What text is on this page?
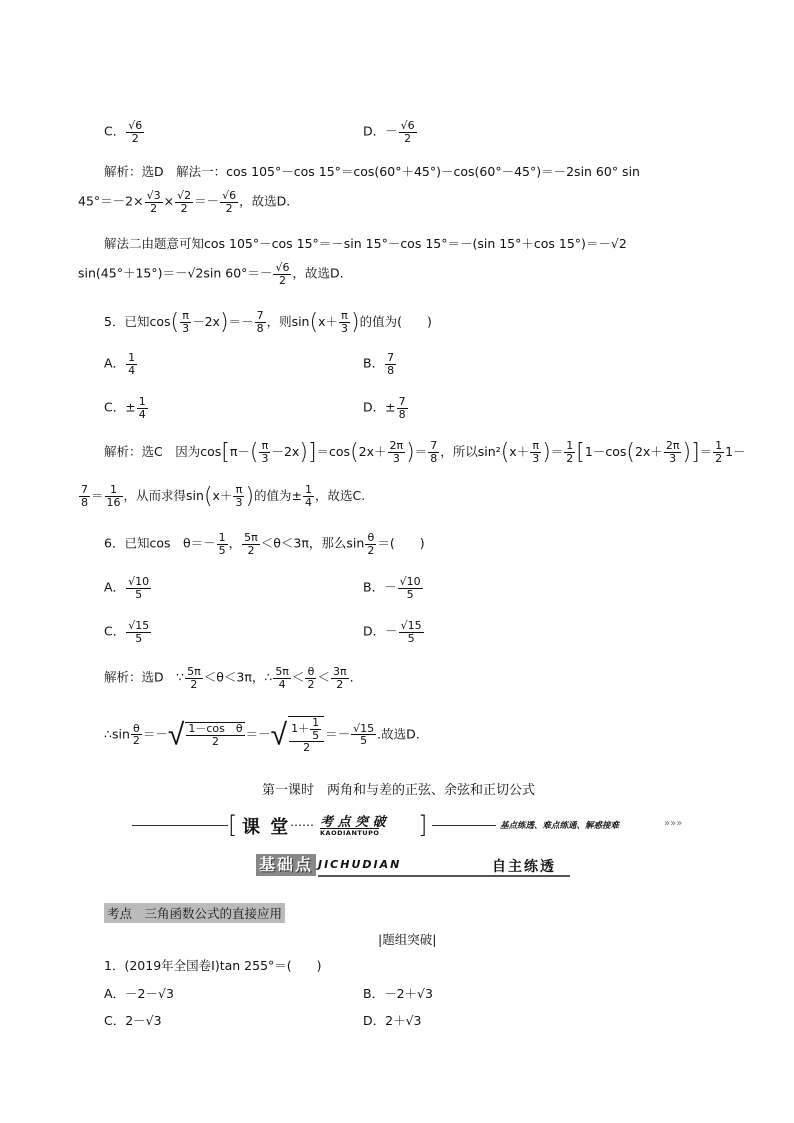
C． $\frac{√6}{2}$	D．－ $\frac{√6}{2}$
解析：选D　解法一：cos 105°－cos 15°＝cos(60°＋45°)－cos(60°－45°)＝－2sin 60° sin
$45^\circ=-2\times \frac{√3}{2} \times \frac{√2}{2} =- \frac{√6}{2}$ ，故选D.
解法二由题意可知cos 105°－cos 15°＝－sin 15°－cos 15°＝－(sin 15°＋cos 15°)＝－√2
sin(45°＋15°)＝－√2sin $60^\circ=- \frac{√6}{2}$ ，故选D.
5．已知$\cos( \frac{\pi}{3} -2x)=- \frac{7}{8}$ ，则$\sin(x+ \frac{\pi}{3}$ )的值为(　　)
A． $\frac{1}{4}$	B． $\frac{7}{8}$
C．± $\frac{1}{4}$	D．± $\frac{7}{8}$
解析：选C　因为$\cos[\pi-( \frac{\pi}{3} -2x)]=\cos(2x+ \frac{2\pi}{3}$ )＝ $\frac{7}{8}$ ，所以$\sin^2(x+ \frac{\pi}{3}$ )＝ $\frac{1}{2} [1-\cos(2x+ \frac{2\pi}{3}$ )]＝ $\frac{1}{2} 1-$
$\frac{7}{8} = \frac{1}{16}$ ，从而求得$\sin(x+ \frac{\pi}{3}$ )的值为± $\frac{1}{4}$ ，故选C.
6．已知cos　$\theta=- \frac{1}{5}$ ， $\frac{5\pi}{2} <\theta<3\pi$，那么$\sin \frac{\theta}{2}$ ＝(　　)
A． $\frac{√10}{5}$	B．－ $\frac{√10}{5}$
C． $\frac{√15}{5}$	D．－ $\frac{√15}{5}$
解析：选D　∵ $\frac{5\pi}{2} <\theta<3\pi$，∴ $\frac{5\pi}{4} < \frac{\theta}{2} < \frac{3\pi}{2}$ .
∴sin $\frac{\theta}{2}$ ＝－√ $\frac{\text{1－cos　θ}}{2}$ ＝－√ $\frac{1+ \frac{1}{5}}{2} =- \frac{√15}{5}$ .故选D.
第一课时　两角和与差的正弦、余弦和正切公式
[ 课 堂 …… 考 点 突 破
KAODIANTUPO ]	基点练透、难点练通、解惑接难	»»»
基础点 JICHUDIAN	自主练透
考点　三角函数公式的直接应用
|题组突破|
1．(2019年全国卷Ⅰ)tan 255°＝(　　)
A．－2－√3	B．－2＋√3
C．2－√3	D．2＋√3
